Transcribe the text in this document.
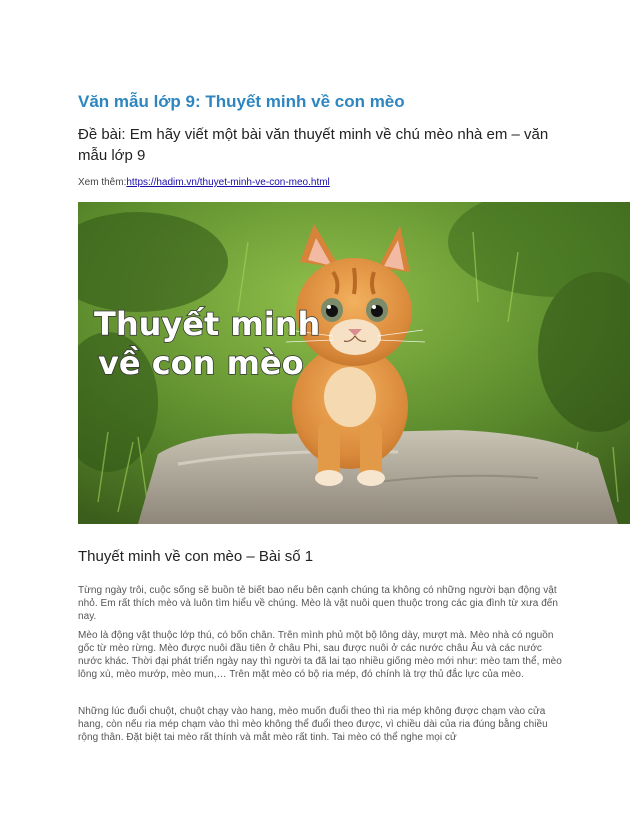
Văn mẫu lớp 9: Thuyết minh về con mèo
Đề bài: Em hãy viết một bài văn thuyết minh về chú mèo nhà em – văn mẫu lớp 9
Xem thêm:https://hadim.vn/thuyet-minh-ve-con-meo.html
Thuyết minh về con mèo – Bài số 1
Từng ngày trôi, cuộc sống sẽ buồn tẻ biết bao nếu bên cạnh chúng ta không có những người bạn động vật nhỏ. Em rất thích mèo và luôn tìm hiểu về chúng. Mèo là vật nuôi quen thuộc trong các gia đình từ xưa đến nay.
Mèo là động vật thuộc lớp thú, có bốn chân. Trên mình phủ một bộ lông dày, mượt mà. Mèo nhà có nguồn gốc từ mèo rừng. Mèo được nuôi đầu tiên ở châu Phi, sau được nuôi ở các nước châu Âu và các nước nước khác. Thời đại phát triển ngày nay thì người ta đã lai tạo nhiều giống mèo mới như: mèo tam thể, mèo lông xù, mèo mướp, mèo mun,… Trên mặt mèo có bộ ria mép, đó chính là trợ thủ đắc lực của mèo.
Những lúc đuổi chuột, chuột chạy vào hang, mèo muốn đuổi theo thì ria mép không được chạm vào cửa hang, còn nếu ria mép chạm vào thì mèo không thể đuổi theo được, vì chiều dài của ria đúng bằng chiều rộng thân. Đặt biệt tai mèo rất thính và mắt mèo rất tinh. Tai mèo có thể nghe mọi cử
Thuyết minh
về con mèo
